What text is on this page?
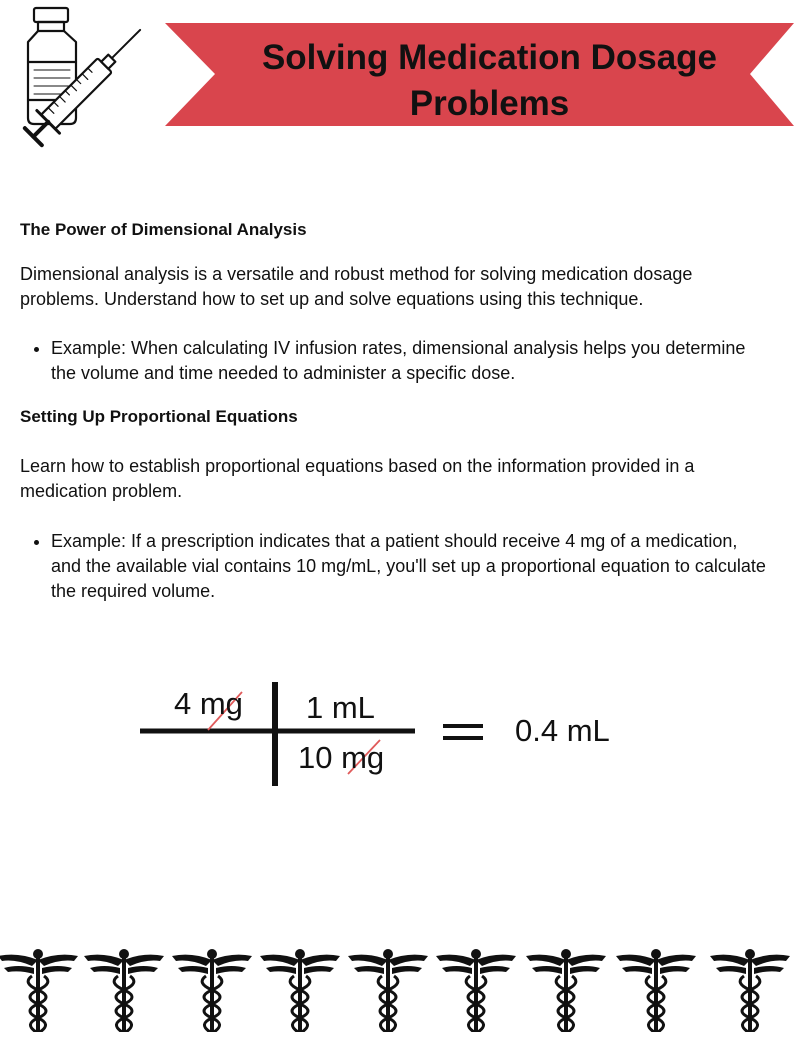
Solving Medication Dosage Problems
The Power of Dimensional Analysis

Dimensional analysis is a versatile and robust method for solving medication dosage problems. Understand how to set up and solve equations using this technique.

• Example: When calculating IV infusion rates, dimensional analysis helps you determine the volume and time needed to administer a specific dose.
Setting Up Proportional Equations

Learn how to establish proportional equations based on the information provided in a medication problem.

• Example: If a prescription indicates that a patient should receive 4 mg of a medication, and the available vial contains 10 mg/mL, you'll set up a proportional equation to calculate the required volume.
4 mg 1 mL
10 mg
0.4 mL
